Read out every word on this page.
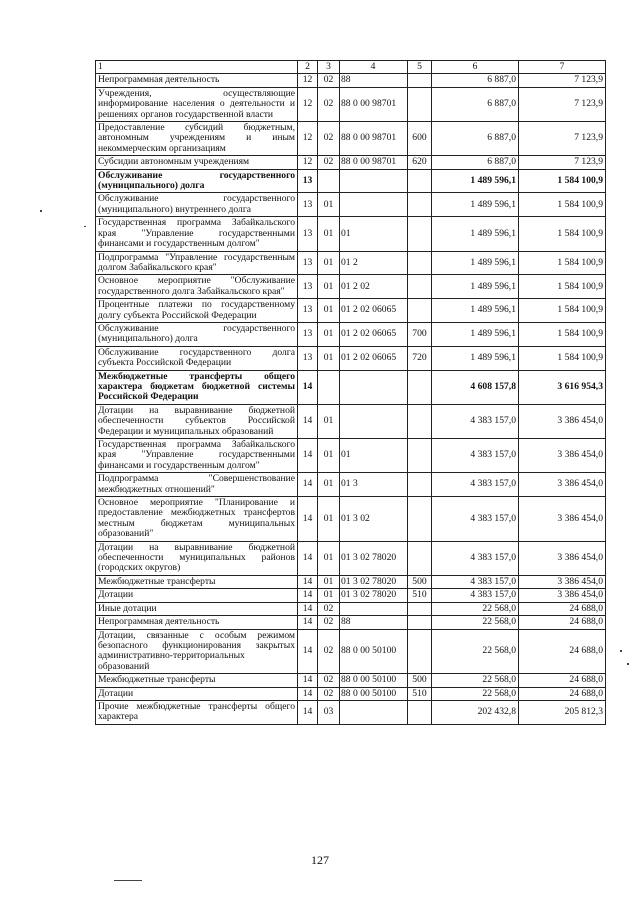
1	2	3	4	5	6	7
Непрограммная деятельность	12	02	88		6 887,0	7 123,9
Учреждения, осуществляющие информирование населения о деятельности и решениях органов государственной власти	12	02	88 0 00 98701		6 887,0	7 123,9
Предоставление субсидий бюджетным, автономным учреждениям и иным некоммерческим организациям	12	02	88 0 00 98701	600	6 887,0	7 123,9
Субсидии автономным учреждениям	12	02	88 0 00 98701	620	6 887,0	7 123,9
Обслуживание государственного (муниципального) долга	13				1 489 596,1	1 584 100,9
Обслуживание государственного (муниципального) внутреннего долга	13	01			1 489 596,1	1 584 100,9
Государственная программа Забайкальского края "Управление государственными финансами и государственным долгом"	13	01	01		1 489 596,1	1 584 100,9
Подпрограмма "Управление государственным долгом Забайкальского края"	13	01	01 2		1 489 596,1	1 584 100,9
Основное мероприятие "Обслуживание государственного долга Забайкальского края"	13	01	01 2 02		1 489 596,1	1 584 100,9
Процентные платежи по государственному долгу субъекта Российской Федерации	13	01	01 2 02 06065		1 489 596,1	1 584 100,9
Обслуживание государственного (муниципального) долга	13	01	01 2 02 06065	700	1 489 596,1	1 584 100,9
Обслуживание государственного долга субъекта Российской Федерации	13	01	01 2 02 06065	720	1 489 596,1	1 584 100,9
Межбюджетные трансферты общего характера бюджетам бюджетной системы Российской Федерации	14				4 608 157,8	3 616 954,3
Дотации на выравнивание бюджетной обеспеченности субъектов Российской Федерации и муниципальных образований	14	01			4 383 157,0	3 386 454,0
Государственная программа Забайкальского края "Управление государственными финансами и государственным долгом"	14	01	01		4 383 157,0	3 386 454,0
Подпрограмма "Совершенствование межбюджетных отношений"	14	01	01 3		4 383 157,0	3 386 454,0
Основное мероприятие "Планирование и предоставление межбюджетных трансфертов местным бюджетам муниципальных образований"	14	01	01 3 02		4 383 157,0	3 386 454,0
Дотации на выравнивание бюджетной обеспеченности муниципальных районов (городских округов)	14	01	01 3 02 78020		4 383 157,0	3 386 454,0
Межбюджетные трансферты	14	01	01 3 02 78020	500	4 383 157,0	3 386 454,0
Дотации	14	01	01 3 02 78020	510	4 383 157,0	3 386 454,0
Иные дотации	14	02			22 568,0	24 688,0
Непрограммная деятельность	14	02	88		22 568,0	24 688,0
Дотации, связанные с особым режимом безопасного функционирования закрытых административно-территориальных образований	14	02	88 0 00 50100		22 568,0	24 688,0
Межбюджетные трансферты	14	02	88 0 00 50100	500	22 568,0	24 688,0
Дотации	14	02	88 0 00 50100	510	22 568,0	24 688,0
Прочие межбюджетные трансферты общего характера	14	03			202 432,8	205 812,3
127
